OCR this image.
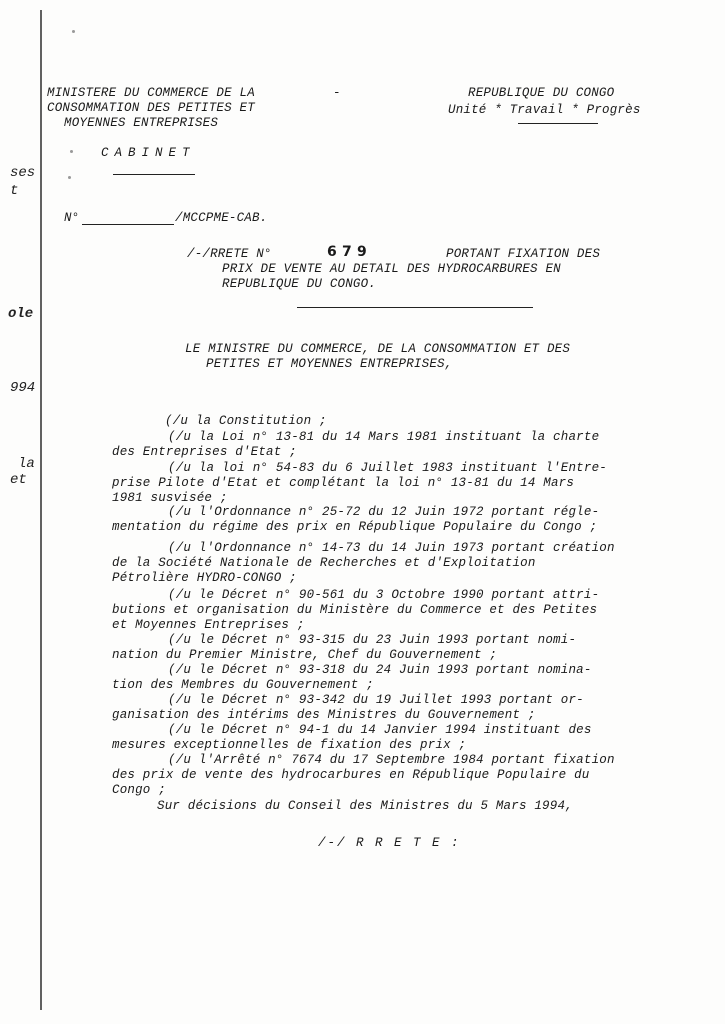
ses
t
ole
994
la
et
MINISTERE DU COMMERCE DE LA
CONSOMMATION DES PETITES ET
MOYENNES ENTREPRISES
-
CABINET
REPUBLIQUE DU CONGO
Unité * Travail * Progrès
N°	/MCCPME-CAB.
/-/RRETE N°	6 7 9	PORTANT FIXATION DES
PRIX DE VENTE AU DETAIL DES HYDROCARBURES EN
REPUBLIQUE DU CONGO.
LE MINISTRE DU COMMERCE, DE LA CONSOMMATION ET DES
PETITES ET MOYENNES ENTREPRISES,
(/u la Constitution ;
(/u la Loi n° 13-81 du 14 Mars 1981 instituant la charte
des Entreprises d'Etat ;
(/u la loi n° 54-83 du 6 Juillet 1983 instituant l'Entre-
prise Pilote d'Etat et complétant la loi n° 13-81 du 14 Mars
1981 susvisée ;
(/u l'Ordonnance n° 25-72 du 12 Juin 1972 portant régle-
mentation du régime des prix en République Populaire du Congo ;
(/u l'Ordonnance n° 14-73 du 14 Juin 1973 portant création
de la Société Nationale de Recherches et d'Exploitation
Pétrolière HYDRO-CONGO ;
(/u le Décret n° 90-561 du 3 Octobre 1990 portant attri-
butions et organisation du Ministère du Commerce et des Petites
et Moyennes Entreprises ;
(/u le Décret n° 93-315 du 23 Juin 1993 portant nomi-
nation du Premier Ministre, Chef du Gouvernement ;
(/u le Décret n° 93-318 du 24 Juin 1993 portant nomina-
tion des Membres du Gouvernement ;
(/u le Décret n° 93-342 du 19 Juillet 1993 portant or-
ganisation des intérims des Ministres du Gouvernement ;
(/u le Décret n° 94-1 du 14 Janvier 1994 instituant des
mesures exceptionnelles de fixation des prix ;
(/u l'Arrêté n° 7674 du 17 Septembre 1984 portant fixation
des prix de vente des hydrocarbures en République Populaire du
Congo ;
Sur décisions du Conseil des Ministres du 5 Mars 1994,
/-/ R R E T E :
